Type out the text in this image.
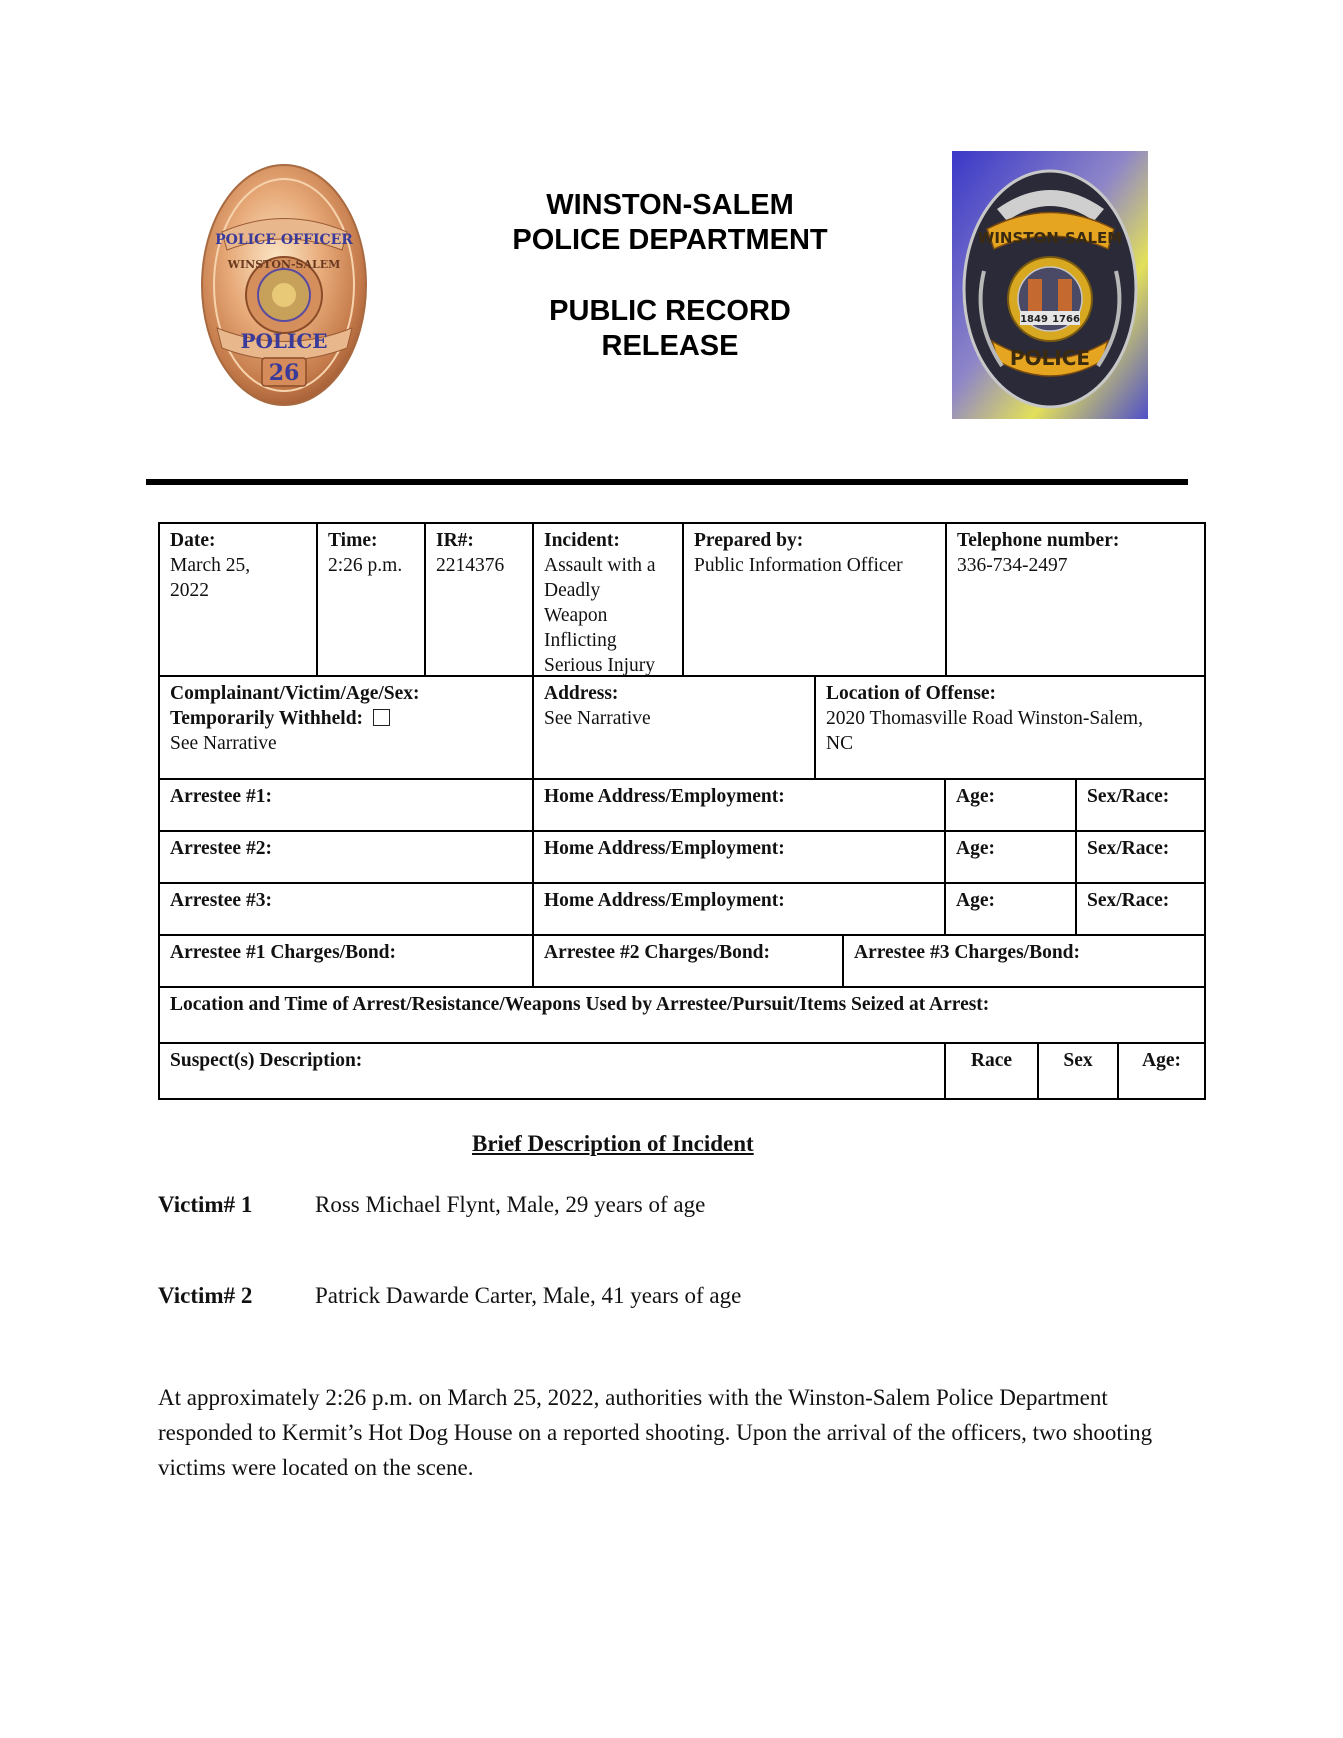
POLICE OFFICER
WINSTON-SALEM
POLICE
26
WINSTON-SALEM
POLICE DEPARTMENT
PUBLIC RECORD
RELEASE
WINSTON-SALEM
1849 1766
POLICE
Date:
March 25,
2022
Time:
2:26 p.m.
IR#:
2214376
Incident:
Assault with a
Deadly
Weapon
Inflicting
Serious Injury
Prepared by:
Public Information Officer
Telephone number:
336-734-2497
Complainant/Victim/Age/Sex:
Temporarily Withheld:
See Narrative
Address:
See Narrative
Location of Offense:
2020 Thomasville Road Winston-Salem,
NC
Arrestee #1:	Home Address/Employment:	Age:	Sex/Race:
Arrestee #2:	Home Address/Employment:	Age:	Sex/Race:
Arrestee #3:	Home Address/Employment:	Age:	Sex/Race:
Arrestee #1 Charges/Bond:	Arrestee #2 Charges/Bond:	Arrestee #3 Charges/Bond:
Location and Time of Arrest/Resistance/Weapons Used by Arrestee/Pursuit/Items Seized at Arrest:
Suspect(s) Description:	Race	Sex	Age:
Brief Description of Incident
Victim# 1	Ross Michael Flynt, Male, 29 years of age
Victim# 2	Patrick Dawarde Carter, Male, 41 years of age
At approximately 2:26 p.m. on March 25, 2022, authorities with the Winston-Salem Police Department responded to Kermit’s Hot Dog House on a reported shooting. Upon the arrival of the officers, two shooting victims were located on the scene.
